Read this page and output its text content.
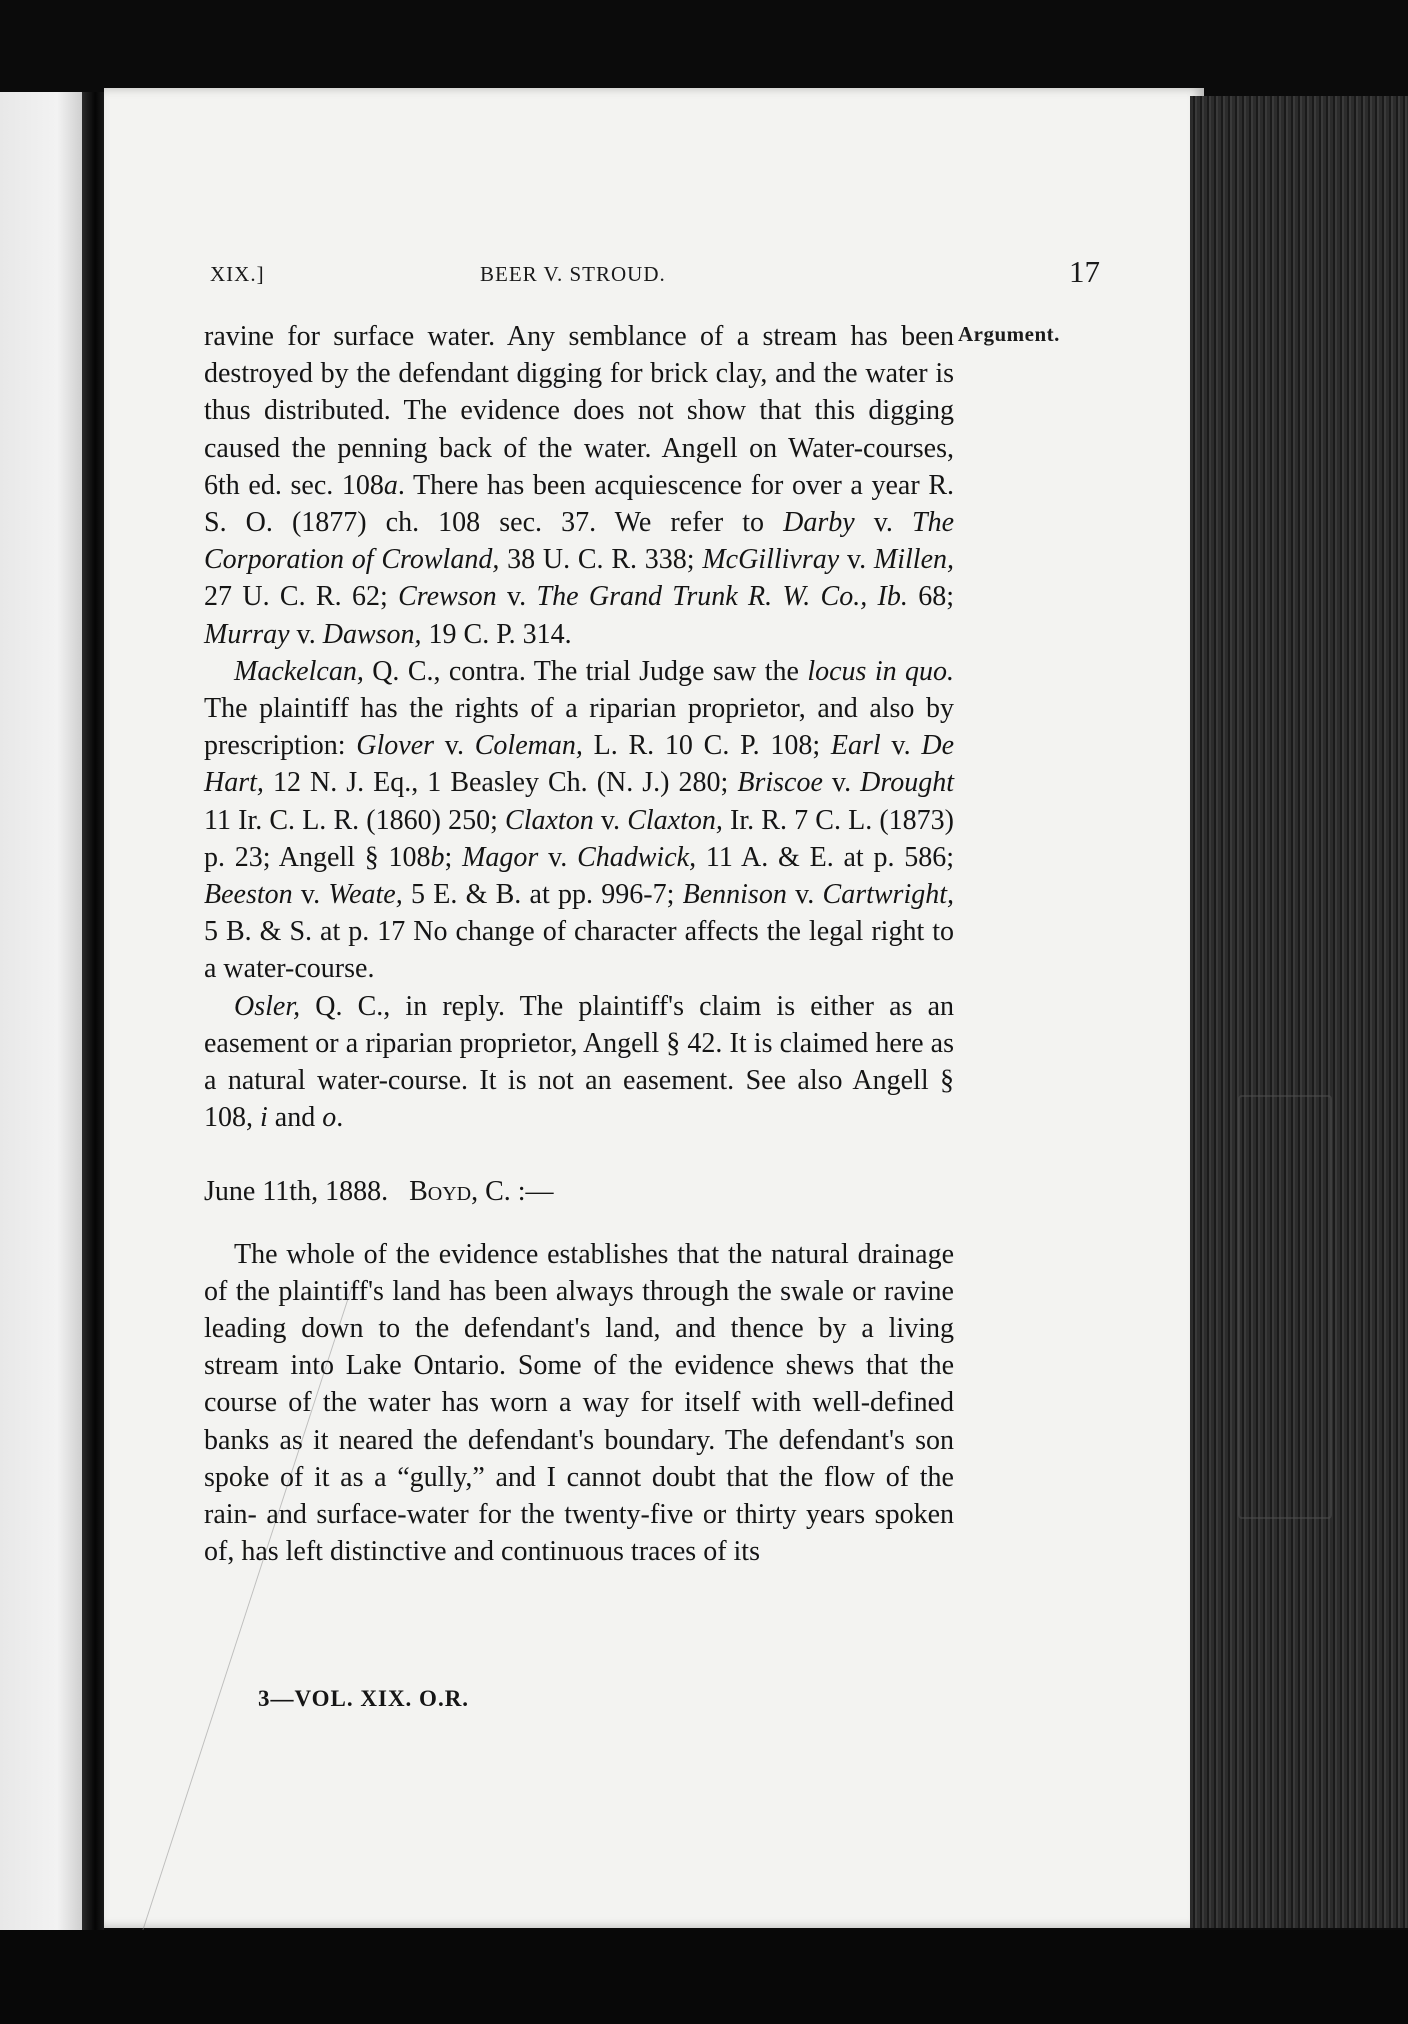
XIX.]	BEER V. STROUD.	17
Argument.

ravine for surface water. Any semblance of a stream has been destroyed by the defendant digging for brick clay, and the water is thus distributed. The evidence does not show that this digging caused the penning back of the water. Angell on Water-courses, 6th ed. sec. 108a. There has been acquiescence for over a year R. S. O. (1877) ch. 108 sec. 37. We refer to Darby v. The Corporation of Crowland, 38 U. C. R. 338; McGillivray v. Millen, 27 U. C. R. 62; Crewson v. The Grand Trunk R. W. Co., Ib. 68; Murray v. Dawson, 19 C. P. 314.

Mackelcan, Q. C., contra. The trial Judge saw the locus in quo. The plaintiff has the rights of a riparian proprietor, and also by prescription: Glover v. Coleman, L. R. 10 C. P. 108; Earl v. De Hart, 12 N. J. Eq., 1 Beasley Ch. (N. J.) 280; Briscoe v. Drought 11 Ir. C. L. R. (1860) 250; Claxton v. Claxton, Ir. R. 7 C. L. (1873) p. 23; Angell § 108b; Magor v. Chadwick, 11 A. & E. at p. 586; Beeston v. Weate, 5 E. & B. at pp. 996-7; Bennison v. Cartwright, 5 B. & S. at p. 17 No change of character affects the legal right to a water-course.

Osler, Q. C., in reply. The plaintiff's claim is either as an easement or a riparian proprietor, Angell § 42. It is claimed here as a natural water-course. It is not an easement. See also Angell § 108, i and o.

June 11th, 1888. Boyd, C. :—

The whole of the evidence establishes that the natural drainage of the plaintiff's land has been always through the swale or ravine leading down to the defendant's land, and thence by a living stream into Lake Ontario. Some of the evidence shews that the course of the water has worn a way for itself with well-defined banks as it neared the defendant's boundary. The defendant's son spoke of it as a “gully,” and I cannot doubt that the flow of the rain- and surface-water for the twenty-five or thirty years spoken of, has left distinctive and continuous traces of its

3—VOL. XIX. O.R.
